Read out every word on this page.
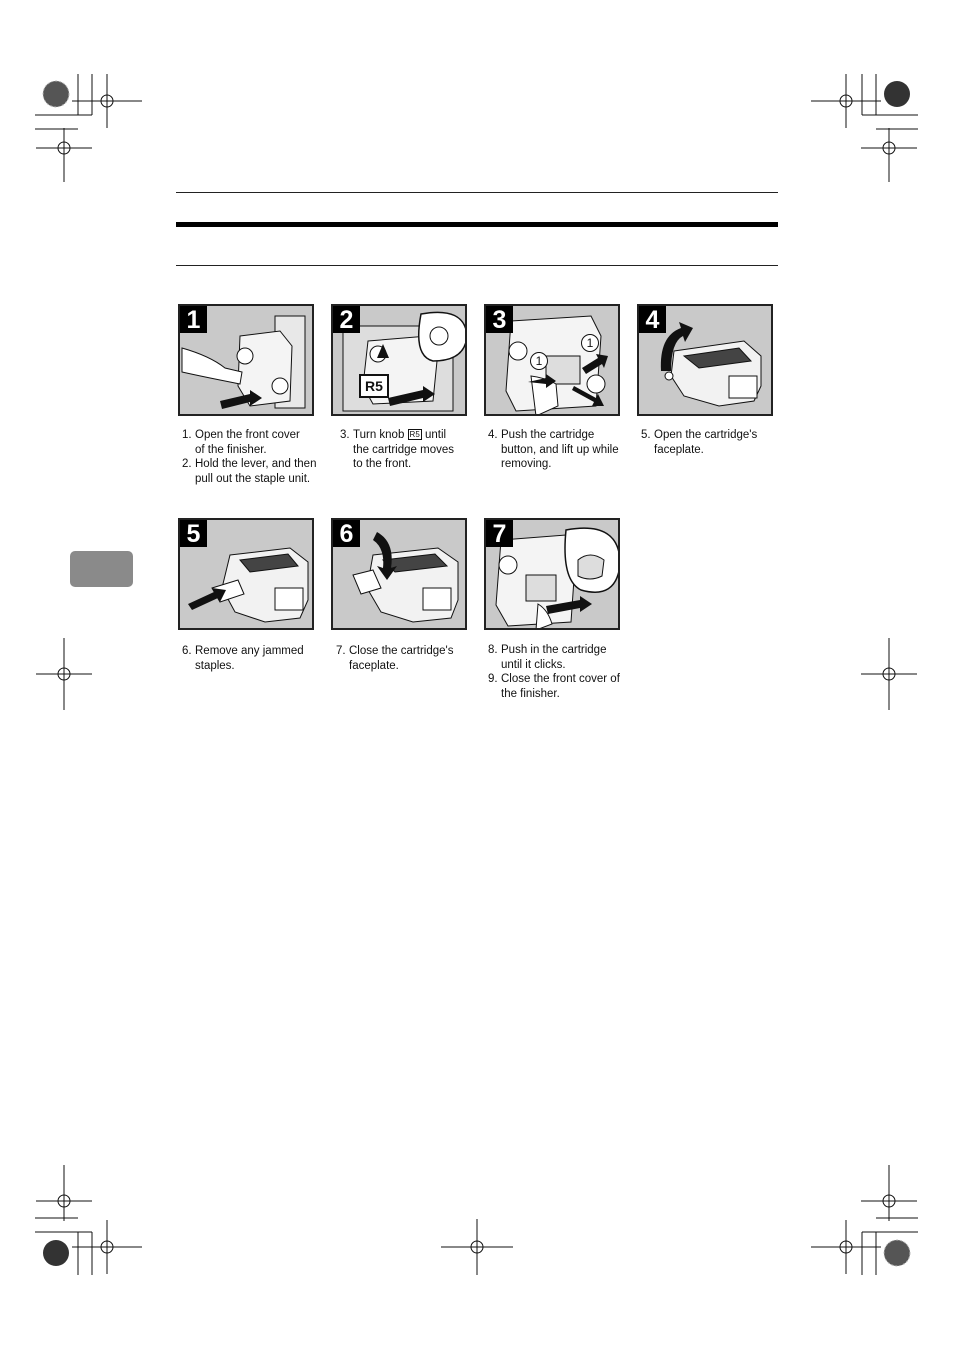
1	2
R5
3
1
1
4
5	6	7
1. Open the front cover
of the finisher.
2. Hold the lever, and then
pull out the staple unit.
3. Turn knob R5 until
the cartridge moves
to the front.
4. Push the cartridge
button, and lift up while
removing.
5. Open the cartridge's
faceplate.
6. Remove any jammed
staples.
7. Close the cartridge's
faceplate.
8. Push in the cartridge
until it clicks.
9. Close the front cover of
the finisher.
